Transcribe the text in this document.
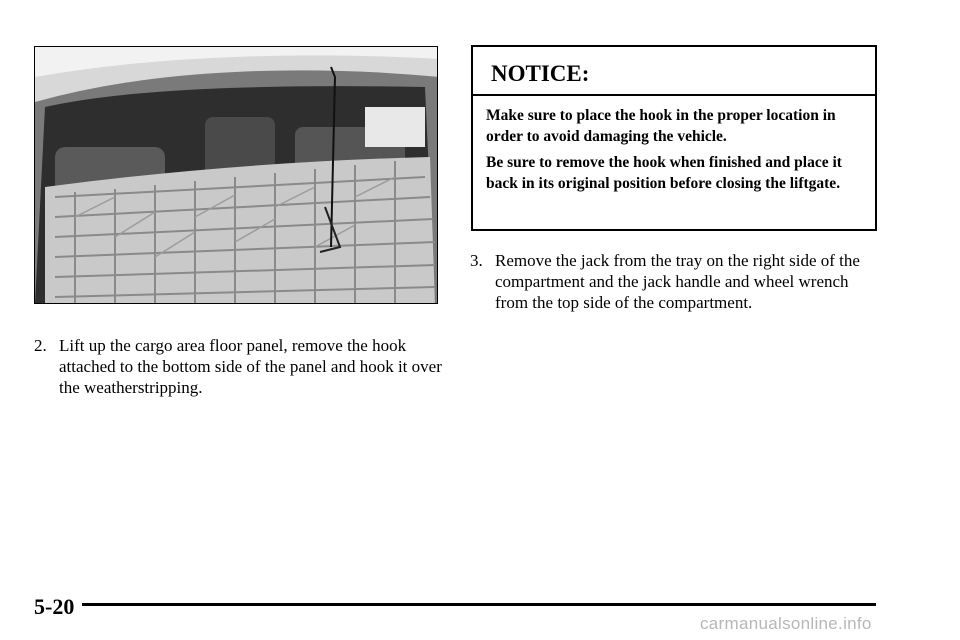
2. Lift up the cargo area floor panel, remove the hook attached to the bottom side of the panel and hook it over the weatherstripping.
NOTICE:

Make sure to place the hook in the proper location in order to avoid damaging the vehicle.

Be sure to remove the hook when finished and place it back in its original position before closing the liftgate.

3. Remove the jack from the tray on the right side of the compartment and the jack handle and wheel wrench from the top side of the compartment.
5-20
carmanualsonline.info
